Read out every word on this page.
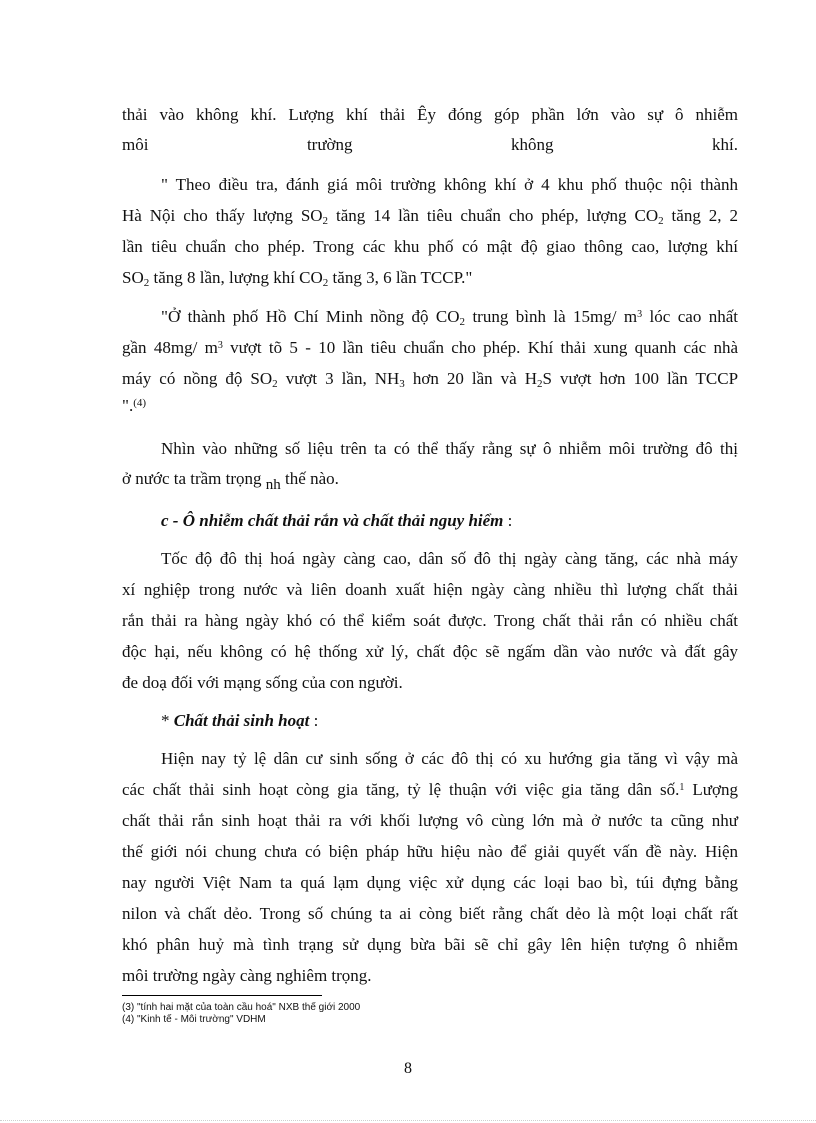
thải vào không khí. Lượng khí thải Êy đóng góp phần lớn vào sự ô nhiễm
môi	trường	không	khí.
" Theo điều tra, đánh giá môi trường không khí ở 4 khu phố thuộc nội thành
Hà Nội cho thấy lượng $SO_2$ tăng 14 lần tiêu chuẩn cho phép, lượng $CO_2$ tăng 2, 2
lần tiêu chuẩn cho phép. Trong các khu phố có mật độ giao thông cao, lượng khí
$SO_2$ tăng 8 lần, lượng khí $CO_2$ tăng 3, 6 lần TCCP."
"Ở thành phố Hồ Chí Minh nồng độ $CO_2$ trung bình là 15mg/ $m^3$ lóc cao nhất
gần 48mg/ $m^3$ vượt tõ 5 - 10 lần tiêu chuẩn cho phép. Khí thải xung quanh các nhà
máy có nồng độ $SO_2$ vượt 3 lần, $NH_3$ hơn 20 lần và $H_2S$ vượt hơn 100 lần TCCP
".$^{(4)}$
Nhìn vào những số liệu trên ta có thể thấy rằng sự ô nhiễm môi trường đô thị
ở nước ta trầm trọng $_{nh}$ thế nào.
c - Ô nhiễm chất thải rắn và chất thải nguy hiểm :
Tốc độ đô thị hoá ngày càng cao, dân số đô thị ngày càng tăng, các nhà máy
xí nghiệp trong nước và liên doanh xuất hiện ngày càng nhiều thì lượng chất thải
rắn thải ra hàng ngày khó có thể kiểm soát được. Trong chất thải rắn có nhiều chất
độc hại, nếu không có hệ thống xử lý, chất độc sẽ ngấm dần vào nước và đất gây
đe doạ đối với mạng sống của con người.
* Chất thải sinh hoạt :
Hiện nay tỷ lệ dân cư sinh sống ở các đô thị có xu hướng gia tăng vì vậy mà
các chất thải sinh hoạt còng gia tăng, tỷ lệ thuận với việc gia tăng dân số.$^1$ Lượng
chất thải rắn sinh hoạt thải ra với khối lượng vô cùng lớn mà ở nước ta cũng như
thế giới nói chung chưa có biện pháp hữu hiệu nào để giải quyết vấn đề này. Hiện
nay người Việt Nam ta quá lạm dụng việc xử dụng các loại bao bì, túi đựng bằng
nilon và chất dẻo. Trong số chúng ta ai còng biết rằng chất dẻo là một loại chất rất
khó phân huỷ mà tình trạng sử dụng bừa bãi sẽ chỉ gây lên hiện tượng ô nhiễm
môi trường ngày càng nghiêm trọng.
(3) "tính hai mặt của toàn cầu hoá" NXB thế giới 2000
(4) "Kinh tế - Môi trường" VDHM
8
